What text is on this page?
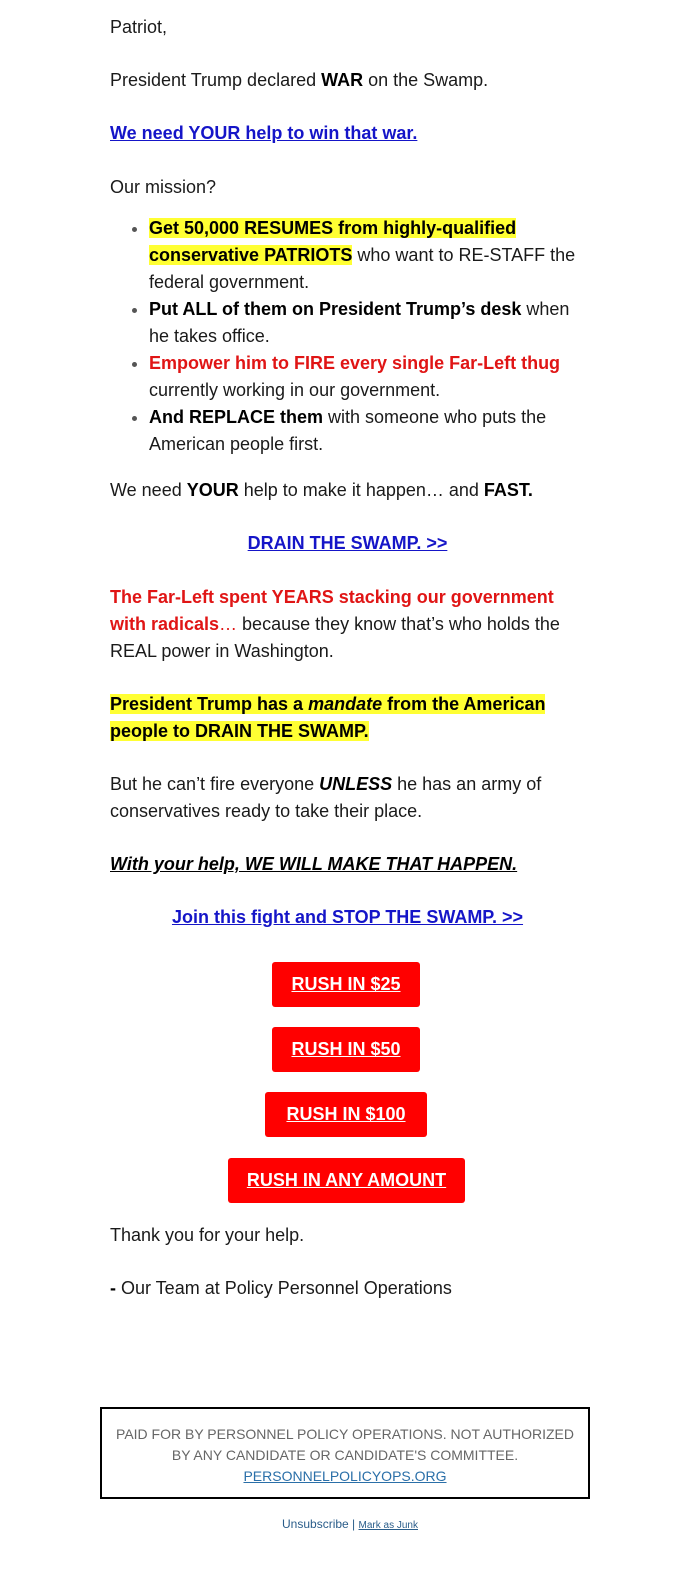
Patriot,

President Trump declared WAR on the Swamp.

We need YOUR help to win that war.

Our mission?

• Get 50,000 RESUMES from highly-qualified conservative PATRIOTS who want to RE-STAFF the federal government.
• Put ALL of them on President Trump’s desk when he takes office.
• Empower him to FIRE every single Far-Left thug currently working in our government.
• And REPLACE them with someone who puts the American people first.

We need YOUR help to make it happen… and FAST.

DRAIN THE SWAMP. >>

The Far-Left spent YEARS stacking our government with radicals… because they know that’s who holds the REAL power in Washington.

President Trump has a mandate from the American people to DRAIN THE SWAMP.

But he can’t fire everyone UNLESS he has an army of conservatives ready to take their place.

With your help, WE WILL MAKE THAT HAPPEN.

Join this fight and STOP THE SWAMP. >>

Thank you for your help.

- Our Team at Policy Personnel Operations

RUSH IN $25
RUSH IN $50
RUSH IN $100
RUSH IN ANY AMOUNT
PAID FOR BY PERSONNEL POLICY OPERATIONS. NOT AUTHORIZED BY ANY CANDIDATE OR CANDIDATE'S COMMITTEE.
PERSONNELPOLICYOPS.ORG
Unsubscribe | Mark as Junk
